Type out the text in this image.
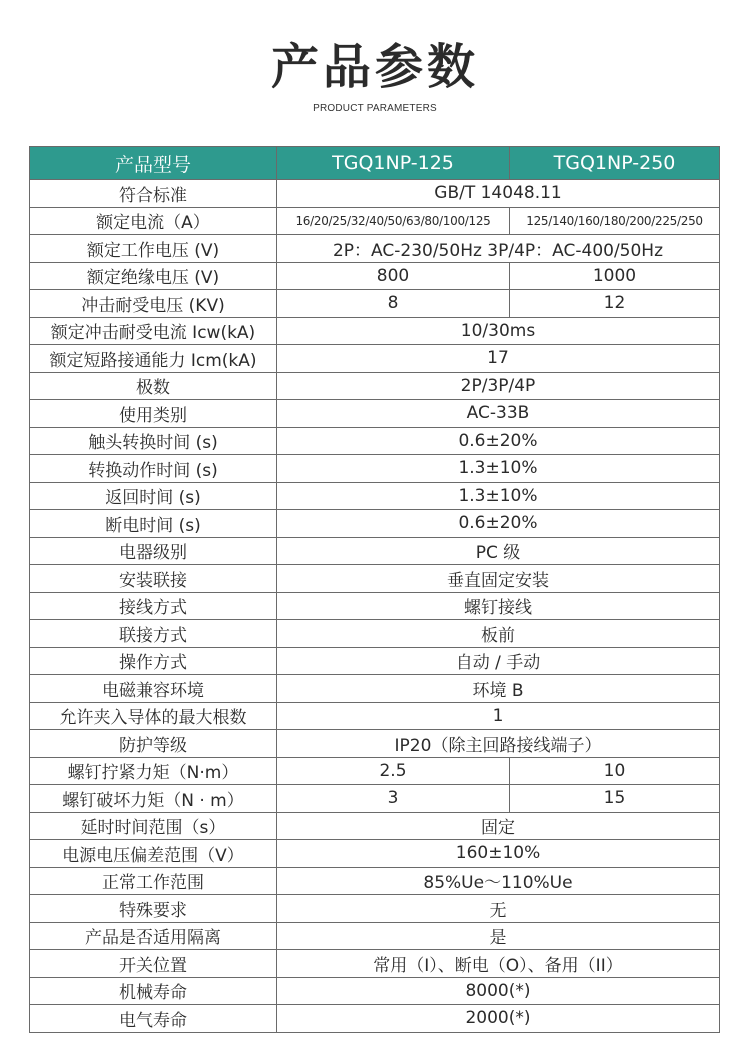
产品参数
PRODUCT PARAMETERS
产品型号	TGQ1NP-125	TGQ1NP-250
符合标准	GB/T 14048.11	
额定电流（A）	16/20/25/32/40/50/63/80/100/125	125/140/160/180/200/225/250
额定工作电压 (V)	2P：AC-230/50Hz 3P/4P：AC-400/50Hz	
额定绝缘电压 (V)	800	1000
冲击耐受电压 (KV)	8	12
额定冲击耐受电流 Icw(kA)	10/30ms	
额定短路接通能力 Icm(kA)	17	
极数	2P/3P/4P	
使用类别	AC-33B	
触头转换时间 (s)	0.6±20%	
转换动作时间 (s)	1.3±10%	
返回时间 (s)	1.3±10%	
断电时间 (s)	0.6±20%	
电器级别	PC 级	
安装联接	垂直固定安装	
接线方式	螺钉接线	
联接方式	板前	
操作方式	自动 / 手动	
电磁兼容环境	环境 B	
允许夹入导体的最大根数	1	
防护等级	IP20（除主回路接线端子）	
螺钉拧紧力矩（N·m）	2.5	10
螺钉破坏力矩（N · m）	3	15
延时时间范围（s）	固定	
电源电压偏差范围（V）	160±10%	
正常工作范围	85%Ue～110%Ue	
特殊要求	无	
产品是否适用隔离	是	
开关位置	常用（I）、断电（O）、备用（II）	
机械寿命	8000(*)	
电气寿命	2000(*)	
